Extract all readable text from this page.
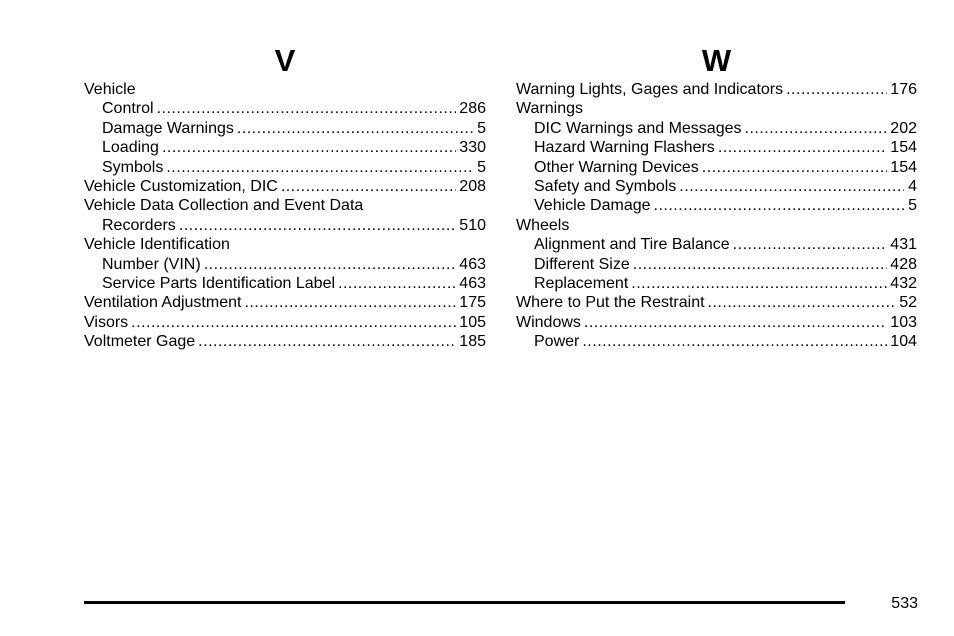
V
Vehicle
Control .....	286
Damage Warnings .....	5
Loading .....	330
Symbols .....	5
Vehicle Customization, DIC .....	208
Vehicle Data Collection and Event Data
Recorders .....	510
Vehicle Identification
Number (VIN) .....	463
Service Parts Identification Label .....	463
Ventilation Adjustment .....	175
Visors .....	105
Voltmeter Gage .....	185
W
Warning Lights, Gages and Indicators .....	176
Warnings
DIC Warnings and Messages .....	202
Hazard Warning Flashers .....	154
Other Warning Devices .....	154
Safety and Symbols .....	4
Vehicle Damage .....	5
Wheels
Alignment and Tire Balance .....	431
Different Size .....	428
Replacement .....	432
Where to Put the Restraint .....	52
Windows .....	103
Power .....	104
533
